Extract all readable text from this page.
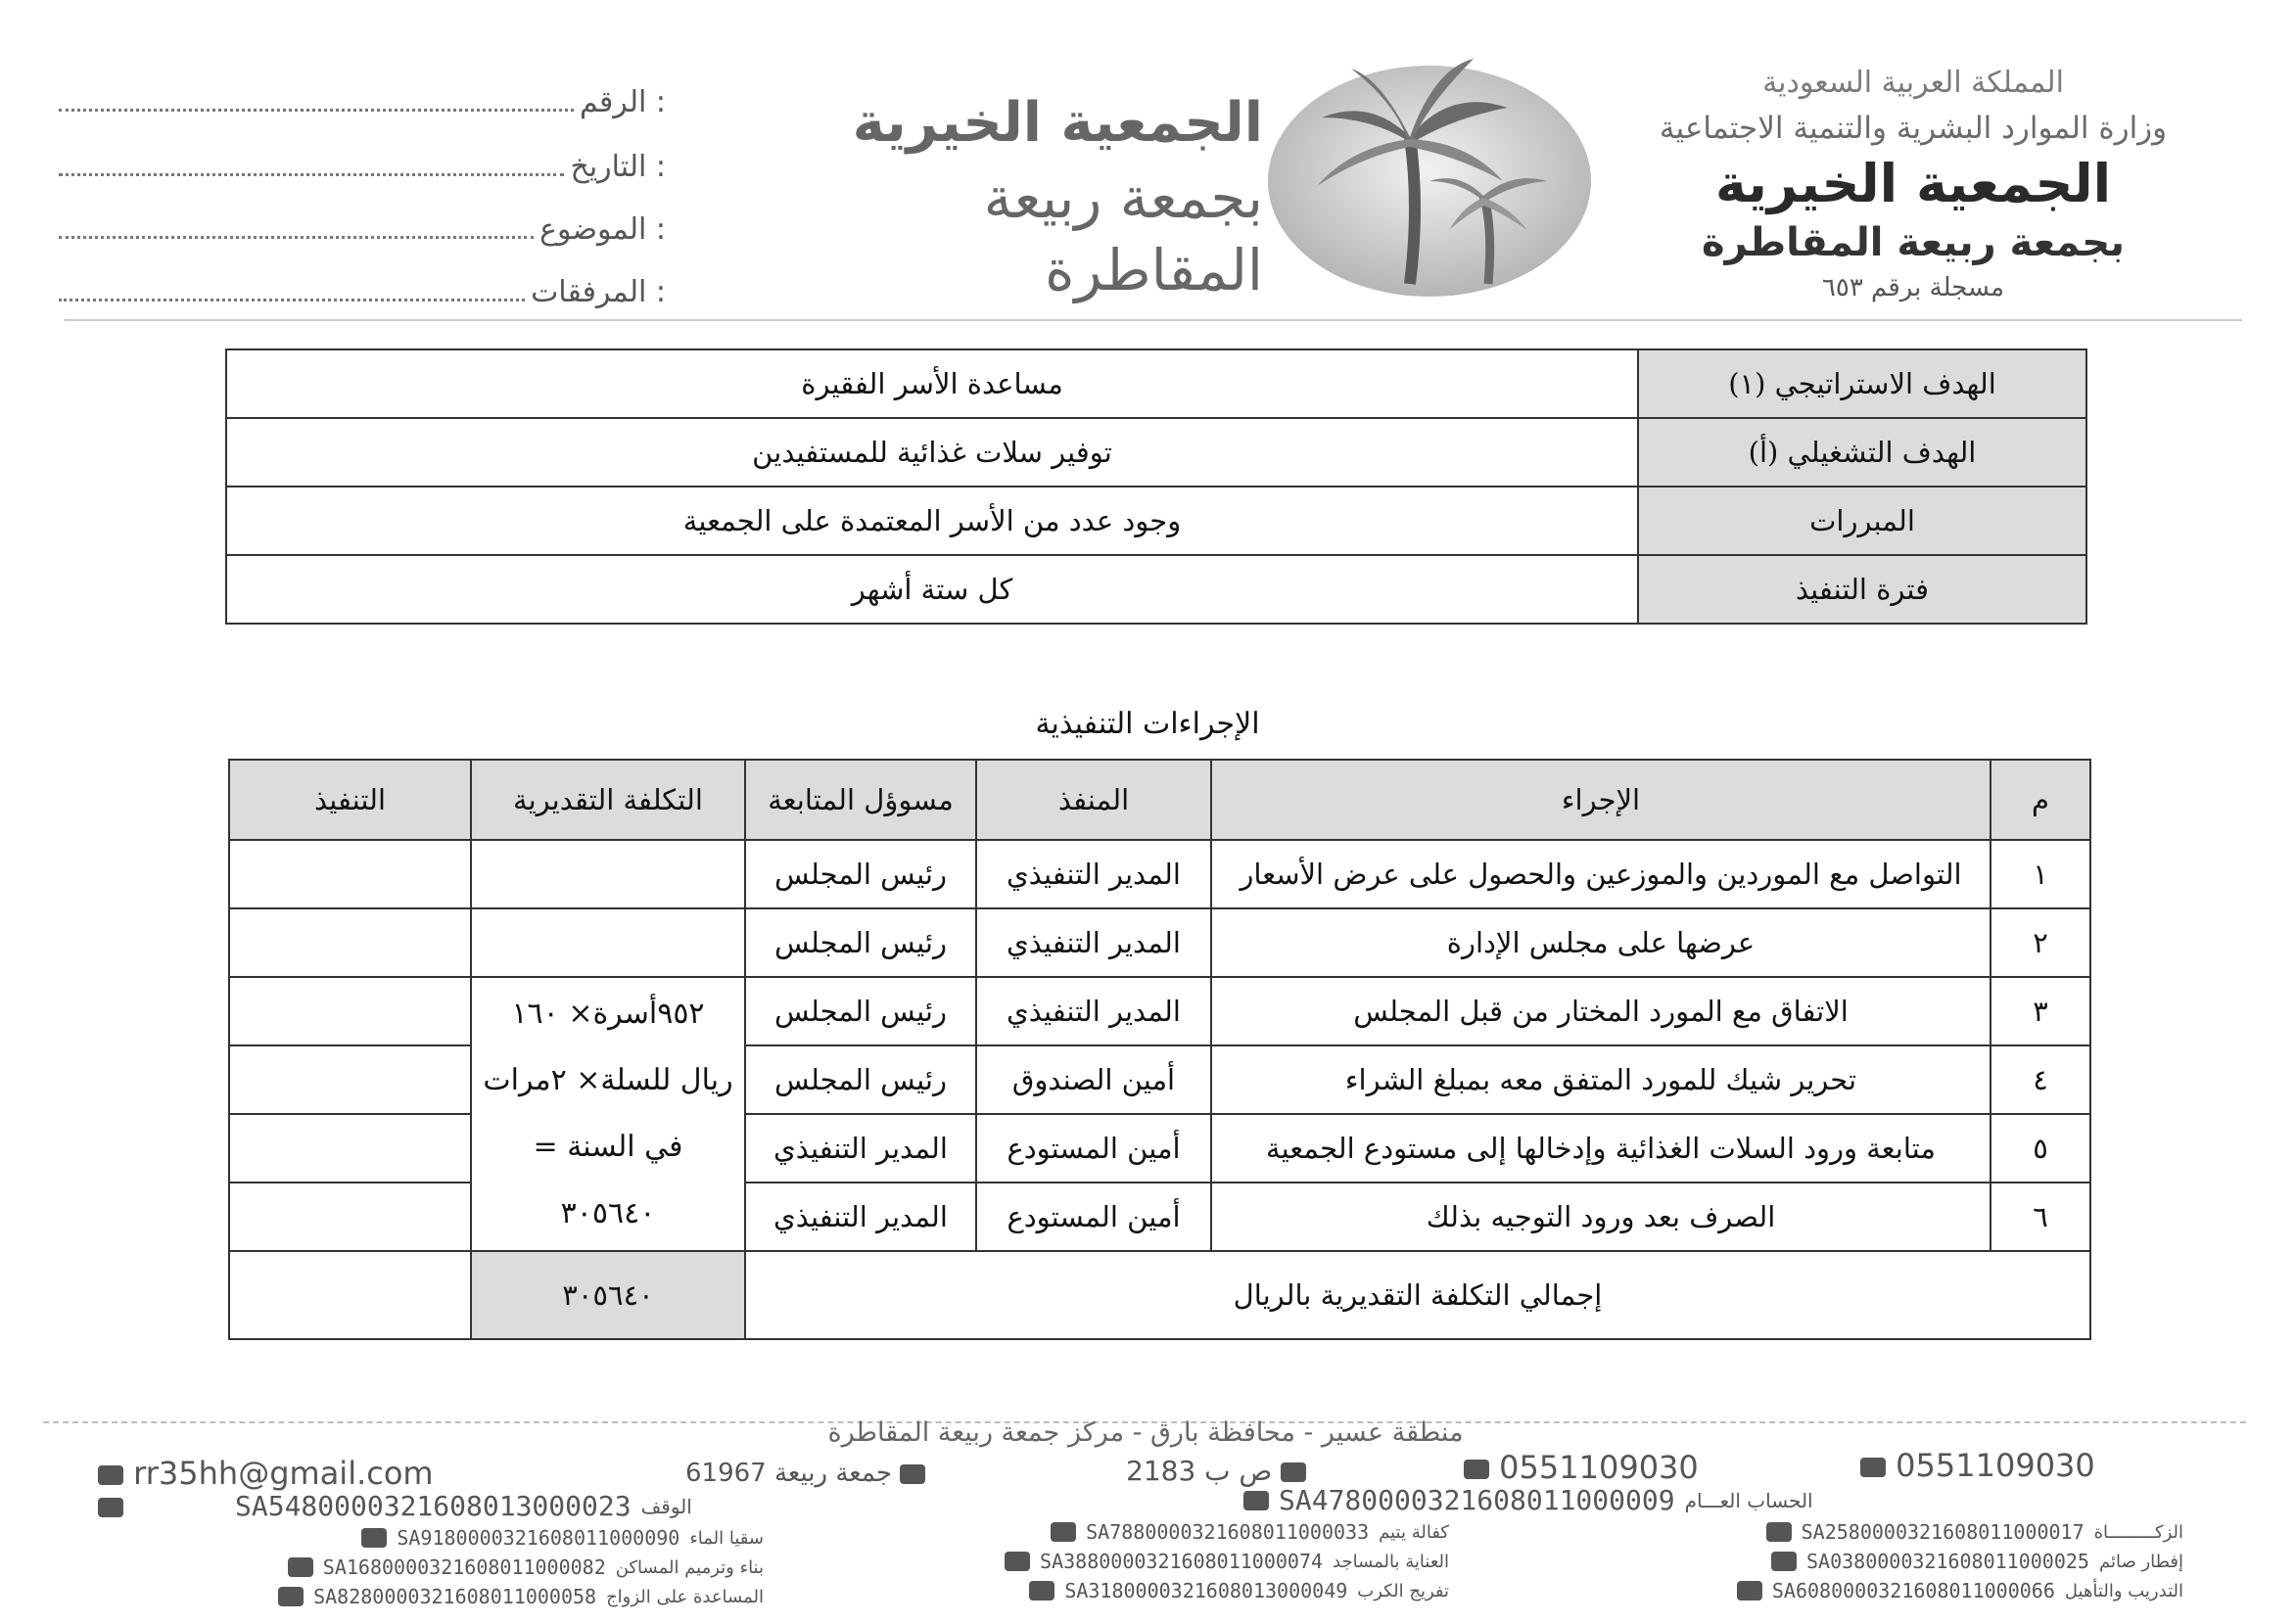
المملكة العربية السعودية
وزارة الموارد البشرية والتنمية الاجتماعية
الجمعية الخيرية
بجمعة ربيعة المقاطرة
مسجلة برقم ٦٥٣
الجمعية الخيرية
بجمعة ربيعة
المقاطرة
الرقم :
التاريخ :
الموضوع :
المرفقات :
الهدف الاستراتيجي (١)	مساعدة الأسر الفقيرة
الهدف التشغيلي (أ)	توفير سلات غذائية للمستفيدين
المبررات	وجود عدد من الأسر المعتمدة على الجمعية
فترة التنفيذ	كل ستة أشهر
الإجراءات التنفيذية
م	الإجراء	المنفذ	مسوؤل المتابعة	التكلفة التقديرية	التنفيذ
١	التواصل مع الموردين والموزعين والحصول على عرض الأسعار	المدير التنفيذي	رئيس المجلس		
٢	عرضها على مجلس الإدارة	المدير التنفيذي	رئيس المجلس		
٣	الاتفاق مع المورد المختار من قبل المجلس	المدير التنفيذي	رئيس المجلس	٩٥٢أسرة× ١٦٠
ريال للسلة× ٢مرات
في السنة =
٣٠٥٦٤٠	

٤	تحرير شيك للمورد المتفق معه بمبلغ الشراء	أمين الصندوق	رئيس المجلس		
٥	متابعة ورود السلات الغذائية وإدخالها إلى مستودع الجمعية	أمين المستودع	المدير التنفيذي		
٦	الصرف بعد ورود التوجيه بذلك	أمين المستودع	المدير التنفيذي		
إجمالي التكلفة التقديرية بالريال				٣٠٥٦٤٠	
منطقة عسير - محافظة بارق - مركز جمعة ربيعة المقاطرة
0551109030
0551109030
ص ب 2183
جمعة ربيعة 61967
rr35hh@gmail.com
الحساب العـــام
SA4780000321608011000009
الوقف
SA5480000321608013000023
الزكـــــــــاة
SA2580000321608011000017
إفطار صائم
SA0380000321608011000025
التدريب والتأهيل
SA6080000321608011000066
كفالة يتيم
SA7880000321608011000033
العناية بالمساجد
SA3880000321608011000074
تفريج الكرب
SA3180000321608013000049
سقيا الماء
SA9180000321608011000090
بناء وترميم المساكن
SA1680000321608011000082
المساعدة على الزواج
SA8280000321608011000058
